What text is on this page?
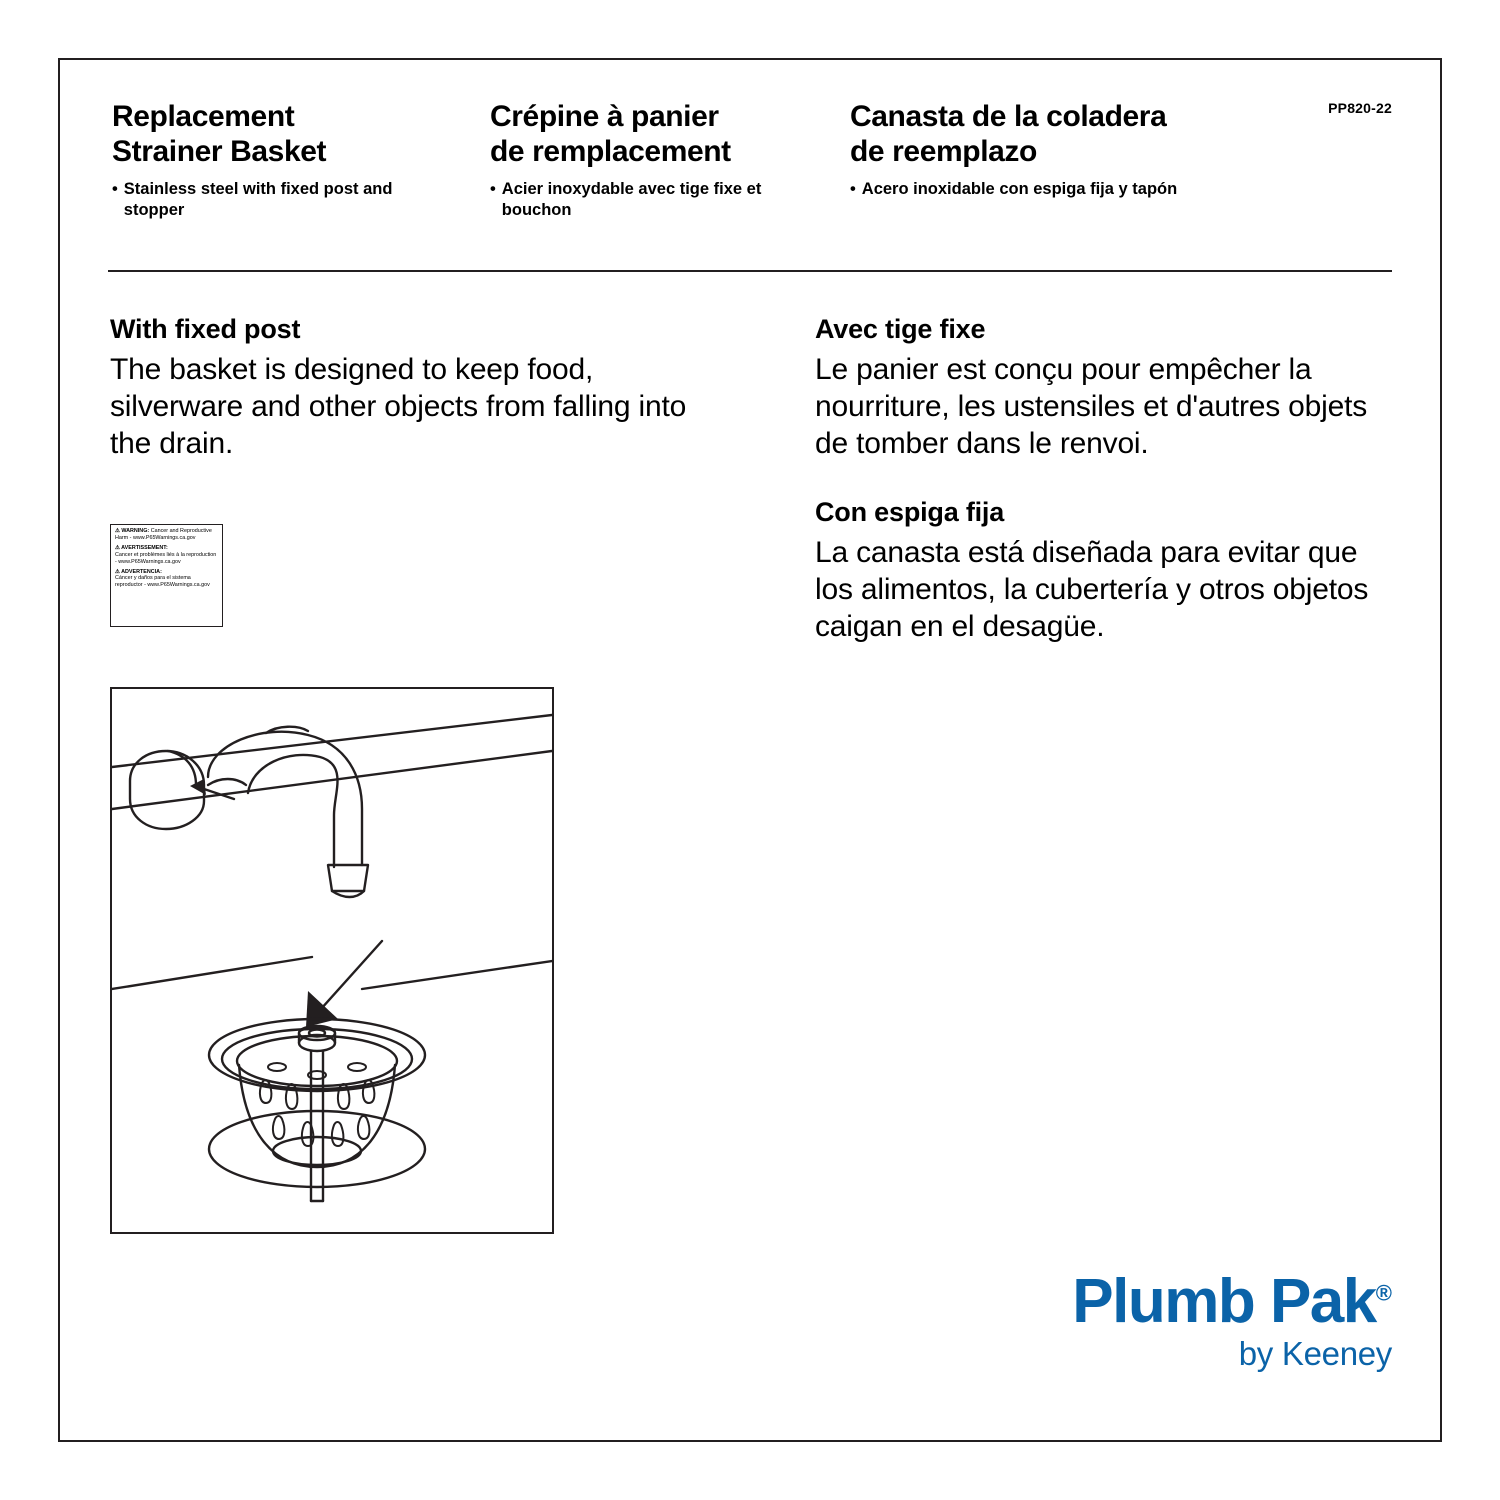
Replacement
Strainer Basket
• Stainless steel with fixed post and stopper
Crépine à panier
de remplacement
• Acier inoxydable avec tige fixe et bouchon
Canasta de la coladera
de reemplazo
• Acero inoxidable con espiga fija y tapón
PP820-22
With fixed post
The basket is designed to keep food, silverware and other objects from falling into the drain.
Avec tige fixe
Le panier est conçu pour empêcher la nourriture, les ustensiles et d'autres objets de tomber dans le renvoi.
Con espiga fija
La canasta está diseñada para evitar que los alimentos, la cubertería y otros objetos caigan en el desagüe.
⚠ WARNING: Cancer and Reproductive Harm - www.P65Warnings.ca.gov
⚠ AVERTISSEMENT:
Cancer et problèmes liés à la reproduction - www.P65Warnings.ca.gov
⚠ ADVERTENCIA:
Cáncer y daños para el sistema reproductor - www.P65Warnings.ca.gov
Plumb Pak®
by Keeney
